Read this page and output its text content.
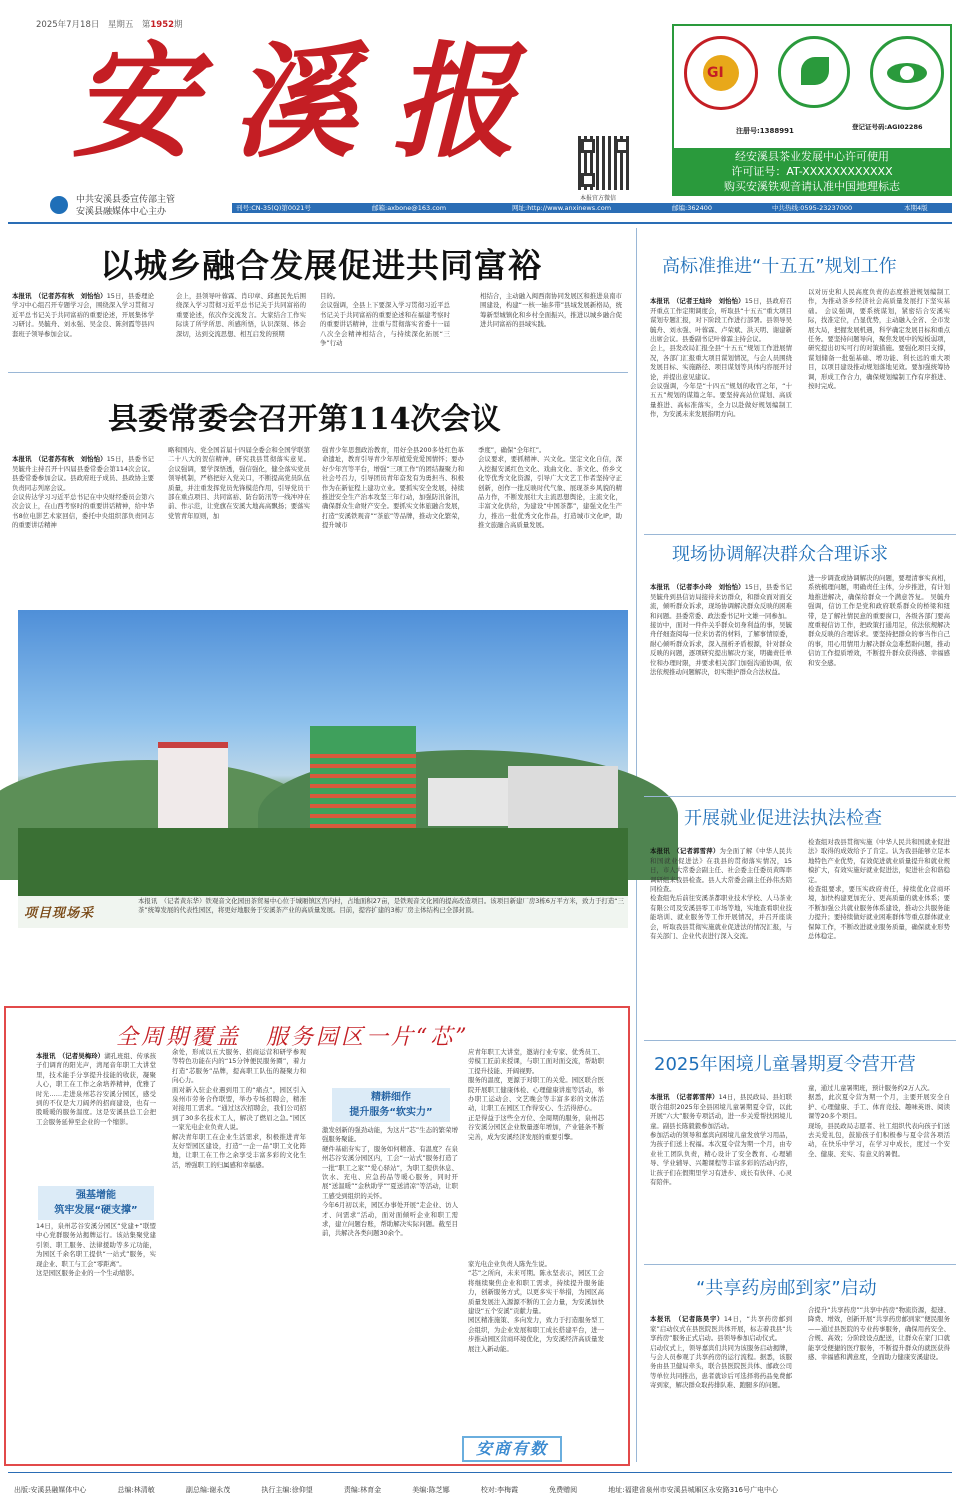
2025年7月18日　星期五　第1952期
安溪报
中共安溪县委宣传部主管
安溪县融媒体中心主办
本报官方微信
GI
注册号:1388991	登记证号码:AGI02286
经安溪县茶业发展中心许可使用
许可证号：AT-XXXXXXXXXXXX
购买安溪铁观音请认准中国地理标志
刊号:CN-35(Q)第0021号	邮箱:axbone@163.com	网址:http://www.anxinews.com	邮编:362400	中共热线:0595-23237000	本期4版
以城乡融合发展促进共同富裕
本报讯　（记者苏有秋　刘怡怡）15日，县委理论学习中心组召开专题学习会，围绕深入学习贯彻习近平总书记关于共同富裕的重要论述，开展集体学习研讨。吴毓舟、刘永强、吴金良、陈剑霞等县四套班子领导参加会议。
会上，县领导叶蓉霖、肖印章、邱惠民先后围绕深入学习贯彻习近平总书记关于共同富裕的重要论述，依次作交流发言。大家结合工作实际谈了所学所思、所感所悟，认识深刻、体会深切，达到交流思想、相互启发的预期
目的。
会议强调，全县上下要深入学习贯彻习近平总书记关于共同富裕的重要论述和在福建考察时的重要讲话精神，注重与贯彻落实省委十一届八次全会精神相结合，与持续深化拓展“三争”行动
相结合，主动融入闽西南协同发展区和推进泉南市围建设，构建“一核一轴多带”县域发展新格局，统筹新型城镇化和乡村全面振兴，推进以城乡融合促进共同富裕的县域实践。
县委常委会召开第114次会议

本报讯　（记者苏有秋　刘怡怡）15日，县委书记吴毓舟主持召开十四届县委常委会第114次会议。县委常委参加会议。县政府班子成员、县政协主要负责同志列席会议。
会议传达学习习近平总书记在中央财经委员会第六次会议上，在山西考察时的重要讲话精神，给中华书8位电影艺术家回信，委托中央组织部负责同志的重要讲话精神

略和国内、党全国首届十四届全委会和全国学联第二十八大的贺信精神，研究我县贯彻落实意见。 会议强调，要学深悟透，强信强化，健全落实党员领导机制，严格把好入党关口，不断提高党员队伍质量，并注重发挥党员先锋模范作用，引导党员干部在重点项目、共同富裕、防台防汛等一线冲冲在前、作示范，让党旗在安溪大地高高飘扬；要落实党管青年原则，加
强青少年思想政治教育，用好全县200多处红色革命遗址，教育引导青少年厚植爱党爱国情怀；要办好少年宫等平台，增强“三项工作”的团结凝聚力和社会号召力，引导团员青年奋发有为勇担当、积极作为在新征程上建功立业。要抓实安全发展，持续推进安全生产治本攻坚三年行动，加强防汛备汛，确保群众生命财产安全。要抓实文体旅融合发展，打造“安溪铁观音”“茶旅”等品牌，推动文化繁荣，提升城市
季度”，确保“全年红”。
会议要求，要抓精神、兴文化。坚定文化自信，深入挖掘安溪红色文化、戏曲文化、茶文化、侨乡文化等优秀文化资源，引导广大文艺工作者坚持守正创新，创作一批反映时代气象、展现茶乡风貌的精品力作，不断发展壮大主流思想舆论，主流文化，丰富文化供给，为建设“中国茶都”，建强文化生产力，推出一批优秀文化作品，打造城市文化IP，助推文旅融合高质量发展。
项目现场采
本报讯　（记者黄东华）铁观音文化园田茶贸易中心位于城厢镇区宫内村，占地面积27亩，是铁观音文化园的提高改造项目。该项目新建厂房3栋6万平方米，致力于打造“三茶”统筹发展的代表性园区，将更好地服务于安溪茶产业的高质量发展。目前，提容扩建的3栋厂房主体结构已全部封顶。
全周期覆盖　服务园区一片“芯”
本报讯　（记者吴梅玲）湖孔班组、传承孩子们调育的阳光声，湾尾音年职工大讲堂里，技术能手分享提升技能的收获，凝聚人心，职工在工作之余培养精神，优雅了时光……走进泉州芯谷安溪分园区，感受到的不仅是大刀阔斧的招商建设，也有一股暖暖的服务温度。这是安溪县总工会把工会服务延伸至企业的一个缩影。
强基增能
筑牢发展“硬支撑”
14日，泉州芯谷安溪分园区“党建+”联盟中心党群服务站揭牌运行。该站集聚党建引领、职工服务、法律援助等多元功能，为园区千余名职工提供“一站式”服务，实现企业、职工与工会“零距离”。
这是园区服务企业的一个生动缩影。
余处，形成以五大服务、招商运营和研学参观等特色功能在内的“15分钟便民服务圈”，着力打造“芯服务”品牌，提高职工队伍的凝聚力和向心力。
面对新入驻企业遇到用工的“痛点”，园区引入泉州市劳务合作联盟，举办专场招聘会，精准对接用工需求。“通过这次招聘会，我们公司招到了30多名技术工人，解决了燃眉之急。”园区一家光电企业负责人说。
解决青年职工在企业生活需求，积极推进青年友好型园区建设，打造“一企一品”职工文化阵地，让职工在工作之余享受丰富多彩的文化生活，增强职工的归属感和幸福感。
精耕细作
提升服务“软实力”
激发创新的强劲动能，为这片“芯”生态的繁荣增强服务聚能。
硬件基础夯实了，服务如何精准、有温度？在泉州芯谷安溪分园区内，工会“一站式”服务打造了一批“职工之家”“爱心驿站”，为职工提供休息、饮水、充电、应急药品等暖心服务，同时开展“送温暖”“金秋助学”“夏送清凉”等活动，让职工感受到组织的关怀。
今年6月初以来，园区办事处开展“走企业、访人才、问需求”活动，面对面倾听企业和职工需求，建立问题台账，帮助解决实际问题。截至目前，共解决各类问题30余个。
应青年职工大讲堂，邀请行业专家、优秀员工、劳模工匠前来授课，与职工面对面交流，帮助职工提升技能、开阔视野。
服务的温度，更源于对职工的关爱。园区联合医院开展职工健康体检、心理健康讲座等活动，举办职工运动会、文艺晚会等丰富多彩的文体活动，让职工在园区工作得安心、生活得舒心。
正是得益于这些全方位、全周期的服务，泉州芯谷安溪分园区企业数量逐年增加，产业链条不断完善，成为安溪经济发展的重要引擎。
家光电企业负责人陈先生说。
“芯”之所向，未来可期。陈永坚表示，园区工会将继续聚焦企业和职工需求，持续提升服务能力，创新服务方式，以更多实干举措，为园区高质量发展注入源源不断的工会力量，为安溪加快建设“五个安溪”贡献力量。
园区精准施策、多向发力，致力于打造服务型工会组织，为企业发展和职工成长搭建平台，进一步推动园区营商环境优化，为安溪经济高质量发展注入新动能。
安商有数
高标准推进“十五五”规划工作

本报讯　（记者王灿玲　刘怡怡）15日，县政府召开重点工作定期调度会，听取县“十五五”重大项目谋划专题汇报，对下阶段工作进行部署。县领导吴毓舟、刘永强、叶蓉霖、卢荣斌、洪天明、谢建新出席会议。县委副书记叶蓉霖主持会议。
会上，县发改局汇报全县“十五五”规划工作进展情况，各部门汇报重大项目谋划情况，与会人员围绕发展目标、实施路径、项目谋划等具体内容展开讨论，并提出意见建议。
会议强调，今年是“十四五”规划的收官之年，“十五五”规划的谋篇之年。要坚持高站位谋划、高质量推进、高标准落实，全力以赴做好规划编制工作，为安溪未来发展指明方向。

以对历史和人民高度负责的态度推进规划编制工作，为推动茶乡经济社会高质量发展打下坚实基础。 会议强调，要系统谋划，紧密结合安溪实际，找准定位，凸显优势，主动融入全省、全市发展大局，把握发展机遇，科学确定发展目标和重点任务。要坚持问题导向，聚焦发展中的短板弱项，研究提出切实可行的对策措施。要强化项目支撑，谋划储备一批强基础、增功能、利长远的重大项目，以项目建设推动规划落地见效。要加强统筹协调，形成工作合力，确保规划编制工作有序推进、按时完成。
现场协调解决群众合理诉求

本报讯　（记者李小玲　刘怡怡）15日，县委书记吴毓舟到县信访局接待来访群众，和群众面对面交流，倾听群众诉求，现场协调解决群众反映的困难和问题。县委常委、政法委书记叶文雄一同参加。
接访中，面对一件件关乎群众切身利益的事，吴毓舟仔细查阅每一位来访者的材料，了解事情原委，耐心倾听群众诉求，深入剖析矛盾根源，针对群众反映的问题，逐项研究提出解决方案，明确责任单位和办理时限，并要求相关部门加强沟通协调，依法依规推动问题解决，切实维护群众合法权益。

进一步调查或协调解决的问题，要理清事实真相，系统梳理问题，明确责任主体，分步推进，有计划地推进解决，确保给群众一个满意答复。 吴毓舟强调，信访工作是党和政府联系群众的桥梁和纽带，是了解社情民意的重要窗口，各级各部门要高度重视信访工作，把政策打通用足，依法依规解决群众反映的合理诉求。要坚持把群众的事当作自己的事，用心用情用力解决群众急难愁盼问题，推动信访工作提质增效，不断提升群众获得感、幸福感和安全感。
开展就业促进法执法检查

本报讯　（记者郭雪萍）为全面了解《中华人民共和国就业促进法》在我县的贯彻落实情况，15日，市人大常委会副主任、社会委主任委员黄晖率调研组来我县检查。县人大常委会副主任孙伟杰陪同检查。
检查组先后前往安溪茶都职业技术学校、人马茶业有限公司及安溪县零工市场等地，实地查看职业技能培训、就业服务等工作开展情况，并召开座谈会，听取我县贯彻实施就业促进法的情况汇报，与有关部门、企业代表进行深入交流。

检查组对我县贯彻实施《中华人民共和国就业促进法》取得的成效给予了肯定。认为我县能够立足本地特色产业优势，有效促进就业质量提升和就业规模扩大，有效实施好就业促进法，促进社会和谐稳定。
检查组要求，要压实政府责任，持续优化营商环境，加快构建更加充分、更高质量的就业体系；要不断加强公共就业服务体系建设，推动公共服务能力提升；要持续做好就业困难群体等重点群体就业保障工作，不断改进就业服务质量，确保就业形势总体稳定。
2025年困境儿童暑期夏令营开营

本报讯　（记者郭雪萍）14日，县民政局、县妇联联合组织2025年全县困境儿童暑期夏令营，以此开展“六大”服务专项活动，进一步关爱帮扶困境儿童。副县长陈毅毅参加活动。
参加活动的领导和嘉宾向困境儿童发放学习用品，为孩子们送上祝福。本次夏令营为期一个月，由专业社工团队负责，精心设计了安全教育、心理辅导、学业辅导、兴趣课程等丰富多彩的活动内容，让孩子们在假期里学习有进步、成长有伙伴、心灵有陪伴。

童，通过儿童暑期班，预计服务约2万人次。
据悉，此次夏令营为期一个月，主要开展安全自护、心理健康、手工、体育竞技、趣味英语、阅读课等20多个项目。
现场，县民政局志愿者、社工组织代表向孩子们送去关爱礼包，鼓励孩子们积极参与夏令营各项活动，在快乐中学习，在学习中成长，度过一个安全、健康、充实、有意义的暑假。
“共享药房邮到家”启动

本报讯　（记者陈昊宇）14日，“共享药房邮到家”启动仪式在县医院医共体开展，标志着我县“共享药房”服务正式启动。县领导参加启动仪式。
启动仪式上，领导嘉宾们共同为该服务启动揭牌，与会人员参观了共享药房的运行流程。据悉，该服务由县卫健局牵头，联合县医院医共体、邮政公司等单位共同推出，患者就诊后可选择将药品免费邮寄到家，解决群众取药排队难、跑腿多的问题。

合提升“共享药房”“共享中药房”物流资源，提速、降费、增效，创新开展“共享药房邮到家”便民服务——通过县医院的专业药事服务，确保用药安全、合规、高效；分阶段设点配送，让群众在家门口就能享受便捷的医疗服务，不断提升群众的就医获得感、幸福感和满意度，全面助力健康安溪建设。
出版:安溪县融媒体中心	总编:林清敏	副总编:谢永茂	执行主编:徐仰望	责编:林育金	美编:陈芝娜	校对:李梅霞	免费赠阅	地址:福建省泉州市安溪县城厢区永安路316号广电中心
